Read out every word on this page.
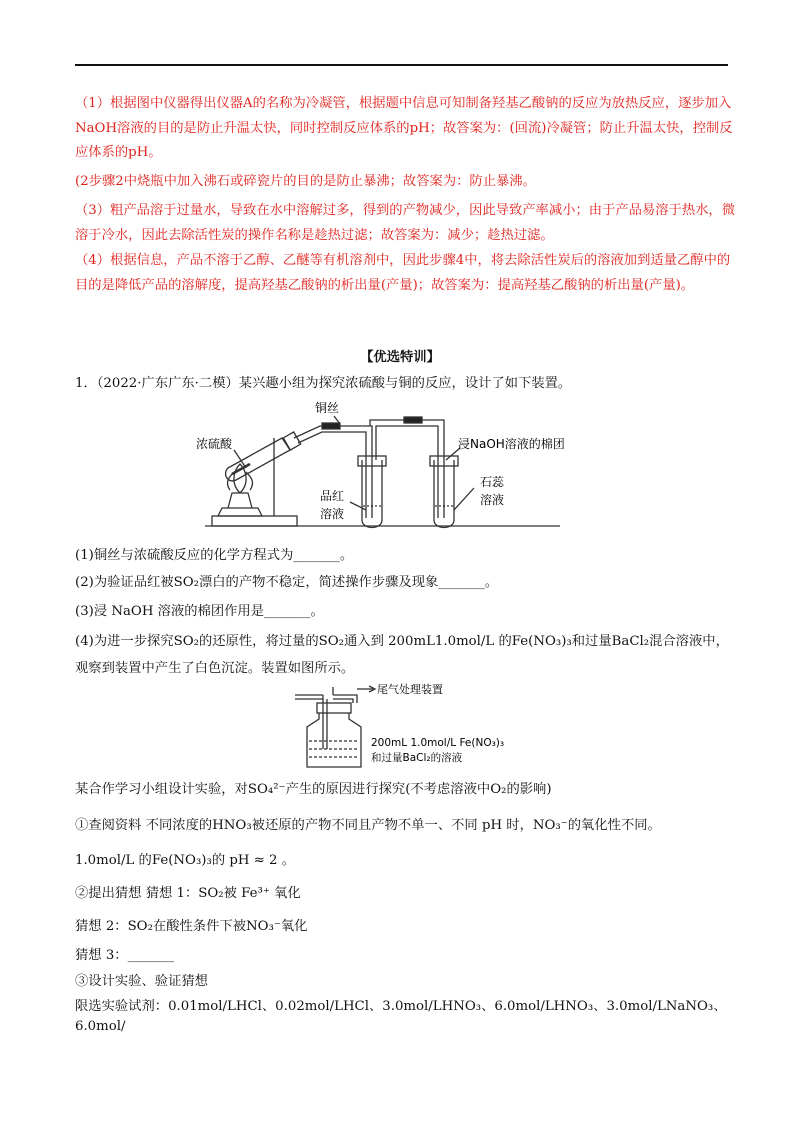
（1）根据图中仪器得出仪器A的名称为冷凝管，根据题中信息可知制备羟基乙酸钠的反应为放热反应，逐步加入NaOH溶液的目的是防止升温太快，同时控制反应体系的pH；故答案为：(回流)冷凝管；防止升温太快，控制反应体系的pH。
(2步骤2中烧瓶中加入沸石或碎瓷片的目的是防止暴沸；故答案为：防止暴沸。
（3）粗产品溶于过量水，导致在水中溶解过多，得到的产物减少，因此导致产率减小；由于产品易溶于热水，微溶于冷水，因此去除活性炭的操作名称是趁热过滤；故答案为：减少；趁热过滤。
（4）根据信息，产品不溶于乙醇、乙醚等有机溶剂中，因此步骤4中，将去除活性炭后的溶液加到适量乙醇中的目的是降低产品的溶解度，提高羟基乙酸钠的析出量(产量)；故答案为：提高羟基乙酸钠的析出量(产量)。
【优选特训】
1．（2022·广东广东·二模）某兴趣小组为探究浓硫酸与铜的反应，设计了如下装置。
铜丝
浓硫酸	浸NaOH溶液的棉团
品红
溶液
石蕊
溶液
(1)铜丝与浓硫酸反应的化学方程式为_______。
(2)为验证品红被SO₂漂白的产物不稳定，简述操作步骤及现象_______。
(3)浸 NaOH 溶液的棉团作用是_______。
(4)为进一步探究SO₂的还原性，将过量的SO₂通入到 200mL1.0mol/L 的Fe(NO₃)₃和过量BaCl₂混合溶液中，
观察到装置中产生了白色沉淀。装置如图所示。
尾气处理装置
200mL 1.0mol/L Fe(NO₃)₃
和过量BaCl₂的溶液
某合作学习小组设计实验，对SO₄²⁻产生的原因进行探究(不考虑溶液中O₂的影响)
①查阅资料 不同浓度的HNO₃被还原的产物不同且产物不单一、不同 pH 时，NO₃⁻的氧化性不同。
1.0mol/L 的Fe(NO₃)₃的 pH ≈ 2 。
②提出猜想 猜想 1：SO₂被 Fe³⁺ 氧化
猜想 2：SO₂在酸性条件下被NO₃⁻氧化
猜想 3：_______
③设计实验、验证猜想
限选实验试剂：0.01mol/LHCl、0.02mol/LHCl、3.0mol/LHNO₃、6.0mol/LHNO₃、3.0mol/LNaNO₃、6.0mol/
